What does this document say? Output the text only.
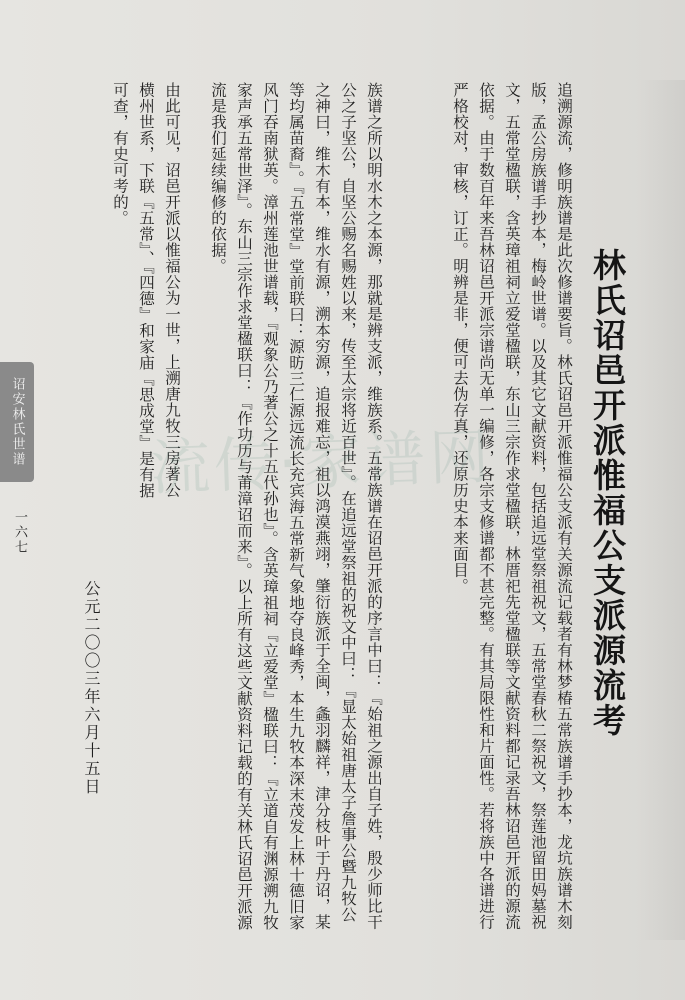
林氏诏邑开派惟福公支派源流考
追溯源流，修明族谱是此次修谱要旨。林氏诏邑开派惟福公支派有关源流记载者有林梦椿五常族谱手抄本，龙坑族谱木刻版，孟公房族谱手抄本，梅岭世谱。以及其它文献资料，包括追远堂祭祖祝文，五常堂春秋二祭祝文，祭莲池留田妈墓祝文，五常堂楹联，含英璋祖祠立爱堂楹联，东山三宗作求堂楹联，林厝祀先堂楹联等文献资料都记录吾林诏邑开派的源流依据。由于数百年来吾林诏邑开派宗谱尚无单一编修，各宗支修谱都不甚完整。有其局限性和片面性。若将族中各谱进行严格校对，审核，订正。明辨是非，便可去伪存真，还原历史本来面目。
族谱之所以明水木之本源，那就是辨支派，维族系。五常族谱在诏邑开派的序言中曰：『始祖之源出自子姓，殷少师比干公之子坚公，自坚公赐名赐姓以来，传至太宗将近百世』。在追远堂祭祖的祝文中曰：『显太始祖唐太子詹事公暨九牧公之神曰，维木有本，维水有源，溯本穷源，追报难忘，祖以鸿漠燕翊，肇衍族派于全闽，螽羽麟祥，津分枝叶于丹诏，某等均属苗裔』。『五常堂』堂前联曰：源昉三仁源远流长充宾海五常新气象地夺良峰秀，本生九牧本深末茂发上林十德旧家风门吞南狱英。漳州莲池世谱载，『观象公乃著公之十五代孙也』。含英璋祖祠『立爱堂』楹联曰：『立道自有渊源溯九牧家声承五常世泽』。东山三宗作求堂楹联曰：『作功历与莆漳诏而来』。以上所有这些文献资料记载的有关林氏诏邑开派源流是我们延续编修的依据。
由此可见，诏邑开派以惟福公为一世，上溯唐九牧三房著公横州世系，下联『五常』、『四德』和家庙『思成堂』是有据可查，有史可考的。
公元二〇〇三年六月十五日
诏安林氏世谱
一六七
流传·家谱网
